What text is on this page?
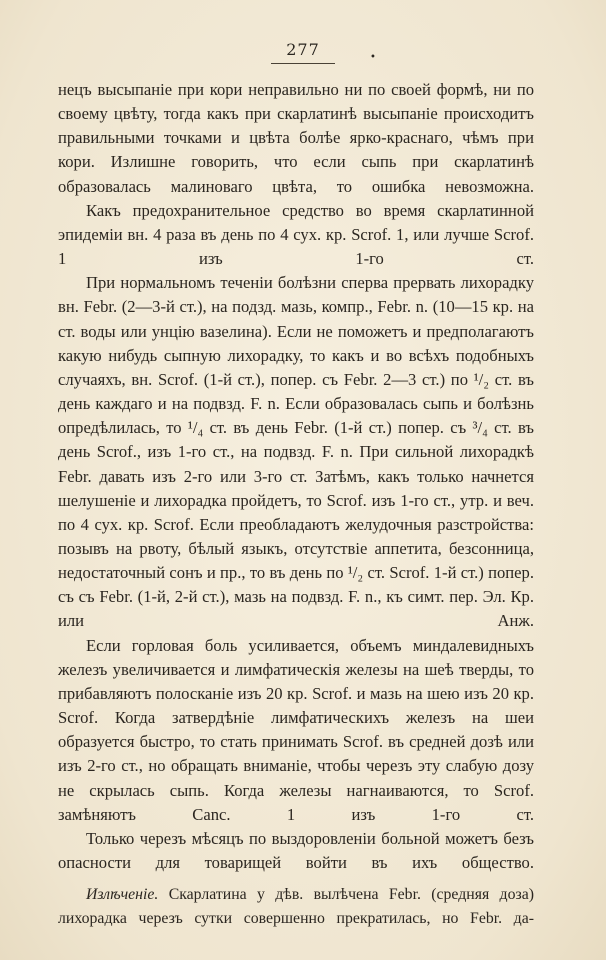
277	•

нецъ высыпаніе при кори неправильно ни по своей формѣ, ни по своему цвѣту, тогда какъ при скарлатинѣ высыпаніе происходитъ правильными точками и цвѣта болѣе ярко-краснаго, чѣмъ при кори. Излишне говорить, что если сыпь при скарлатинѣ образовалась малиноваго цвѣта, то ошибка невозможна.

Какъ предохранительное средство во время скарлатинной эпидеміи вн. 4 раза въ день по 4 сух. кр. Scrof. 1, или лучше Scrof. 1 изъ 1-го ст.

При нормальномъ теченіи болѣзни сперва прервать лихорадку вн. Febr. (2—3-й ст.), на подзд. мазь, компр., Febr. n. (10—15 кр. на ст. воды или унцію вазелина). Если не поможетъ и предполагаютъ какую нибудь сыпную лихорадку, то какъ и во всѣхъ подобныхъ случаяхъ, вн. Scrof. (1-й ст.), попер. съ Febr. 2—3 ст.) по ¹/₂ ст. въ день каждаго и на подвзд. F. n. Если образовалась сыпь и болѣзнь опредѣлилась, то ¹/₄ ст. въ день Febr. (1-й ст.) попер. съ ³/₄ ст. въ день Scrof., изъ 1-го ст., на подвзд. F. n. При сильной лихорадкѣ Febr. давать изъ 2-го или 3-го ст. Затѣмъ, какъ только начнется шелушеніе и лихорадка пройдетъ, то Scrof. изъ 1-го ст., утр. и веч. по 4 сух. кр. Scrof. Если преобладаютъ желудочныя разстройства: позывъ на рвоту, бѣлый языкъ, отсутствіе аппетита, безсонница, недостаточный сонъ и пр., то въ день по ¹/₂ ст. Scrof. 1-й ст.) попер. съ съ Febr. (1-й, 2-й ст.), мазь на подвзд. F. n., къ симт. пер. Эл. Кр. или Анж.

Если горловая боль усиливается, объемъ миндалевидныхъ железъ увеличивается и лимфатическія железы на шеѣ тверды, то прибавляютъ полосканіе изъ 20 кр. Scrof. и мазь на шею изъ 20 кр. Scrof. Когда затвердѣніе лимфатическихъ железъ на шеи образуется быстро, то стать принимать Scrof. въ средней дозѣ или изъ 2-го ст., но обращать вниманіе, чтобы черезъ эту слабую дозу не скрылась сыпь. Когда железы нагнаиваются, то Scrof. замѣняютъ Canc. 1 изъ 1-го ст.

Только черезъ мѣсяцъ по выздоровленіи больной можетъ безъ опасности для товарищей войти въ ихъ общество.

Излѣченіе. Скарлатина у дѣв. вылѣчена Febr. (средняя доза) лихорадка черезъ сутки совершенно прекратилась, но Febr. да-
